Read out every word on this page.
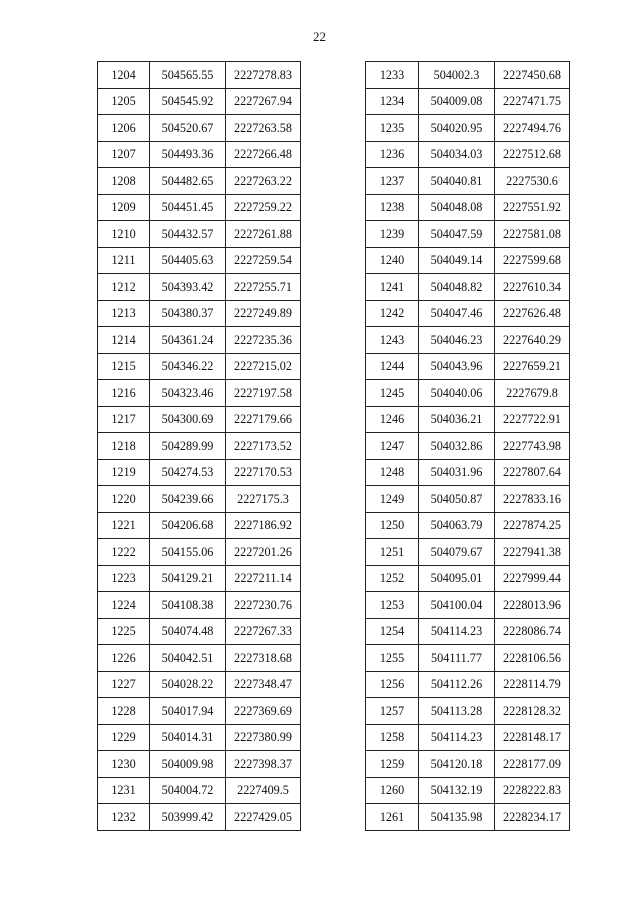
22
1204	504565.55	2227278.83
1205	504545.92	2227267.94
1206	504520.67	2227263.58
1207	504493.36	2227266.48
1208	504482.65	2227263.22
1209	504451.45	2227259.22
1210	504432.57	2227261.88
1211	504405.63	2227259.54
1212	504393.42	2227255.71
1213	504380.37	2227249.89
1214	504361.24	2227235.36
1215	504346.22	2227215.02
1216	504323.46	2227197.58
1217	504300.69	2227179.66
1218	504289.99	2227173.52
1219	504274.53	2227170.53
1220	504239.66	2227175.3
1221	504206.68	2227186.92
1222	504155.06	2227201.26
1223	504129.21	2227211.14
1224	504108.38	2227230.76
1225	504074.48	2227267.33
1226	504042.51	2227318.68
1227	504028.22	2227348.47
1228	504017.94	2227369.69
1229	504014.31	2227380.99
1230	504009.98	2227398.37
1231	504004.72	2227409.5
1232	503999.42	2227429.05
1233	504002.3	2227450.68
1234	504009.08	2227471.75
1235	504020.95	2227494.76
1236	504034.03	2227512.68
1237	504040.81	2227530.6
1238	504048.08	2227551.92
1239	504047.59	2227581.08
1240	504049.14	2227599.68
1241	504048.82	2227610.34
1242	504047.46	2227626.48
1243	504046.23	2227640.29
1244	504043.96	2227659.21
1245	504040.06	2227679.8
1246	504036.21	2227722.91
1247	504032.86	2227743.98
1248	504031.96	2227807.64
1249	504050.87	2227833.16
1250	504063.79	2227874.25
1251	504079.67	2227941.38
1252	504095.01	2227999.44
1253	504100.04	2228013.96
1254	504114.23	2228086.74
1255	504111.77	2228106.56
1256	504112.26	2228114.79
1257	504113.28	2228128.32
1258	504114.23	2228148.17
1259	504120.18	2228177.09
1260	504132.19	2228222.83
1261	504135.98	2228234.17
